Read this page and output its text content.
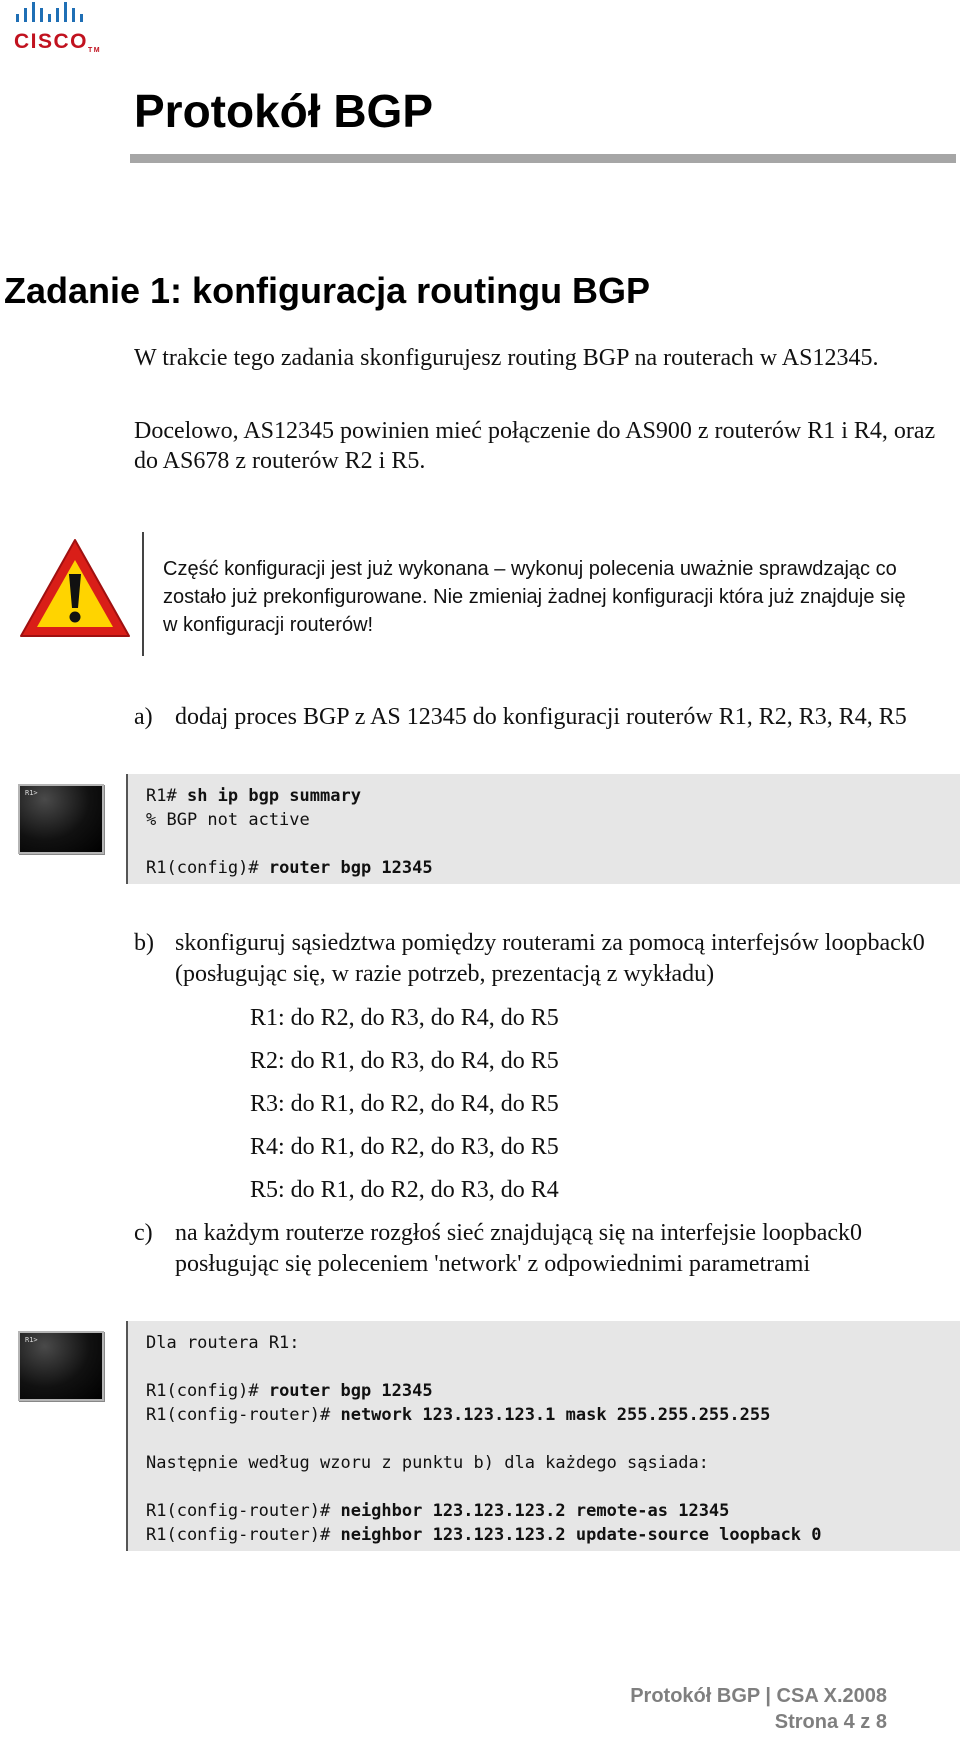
CISCOTM
Protokół BGP
Zadanie 1: konfiguracja routingu BGP

W trakcie tego zadania skonfigurujesz routing BGP na routerach w AS12345.

Docelowo, AS12345 powinien mieć połączenie do AS900 z routerów R1 i R4, oraz do AS678 z routerów R2 i R5.

Część konfiguracji jest już wykonana – wykonuj polecenia uważnie sprawdzając co zostało już prekonfigurowane. Nie zmieniaj żadnej konfiguracji która już znajduje się w konfiguracji routerów!

a) dodaj proces BGP z AS 12345 do konfiguracji routerów R1, R2, R3, R4, R5
R1>	R1# sh ip bgp summary
% BGP not active
R1(config)# router bgp 12345
b) skonfiguruj sąsiedztwa pomiędzy routerami za pomocą interfejsów loopback0 (posługując się, w razie potrzeb, prezentacją z wykładu)
R1: do R2, do R3, do R4, do R5
R2: do R1, do R3, do R4, do R5
R3: do R1, do R2, do R4, do R5
R4: do R1, do R2, do R3, do R5
R5: do R1, do R2, do R3, do R4
c) na każdym routerze rozgłoś sieć znajdującą się na interfejsie loopback0 posługując się poleceniem 'network' z odpowiednimi parametrami
R1>	Dla routera R1:
R1(config)# router bgp 12345
R1(config-router)# network 123.123.123.1 mask 255.255.255.255
Następnie według wzoru z punktu b) dla każdego sąsiada:
R1(config-router)# neighbor 123.123.123.2 remote-as 12345
R1(config-router)# neighbor 123.123.123.2 update-source loopback 0
Protokół BGP | CSA X.2008
Strona 4 z 8
